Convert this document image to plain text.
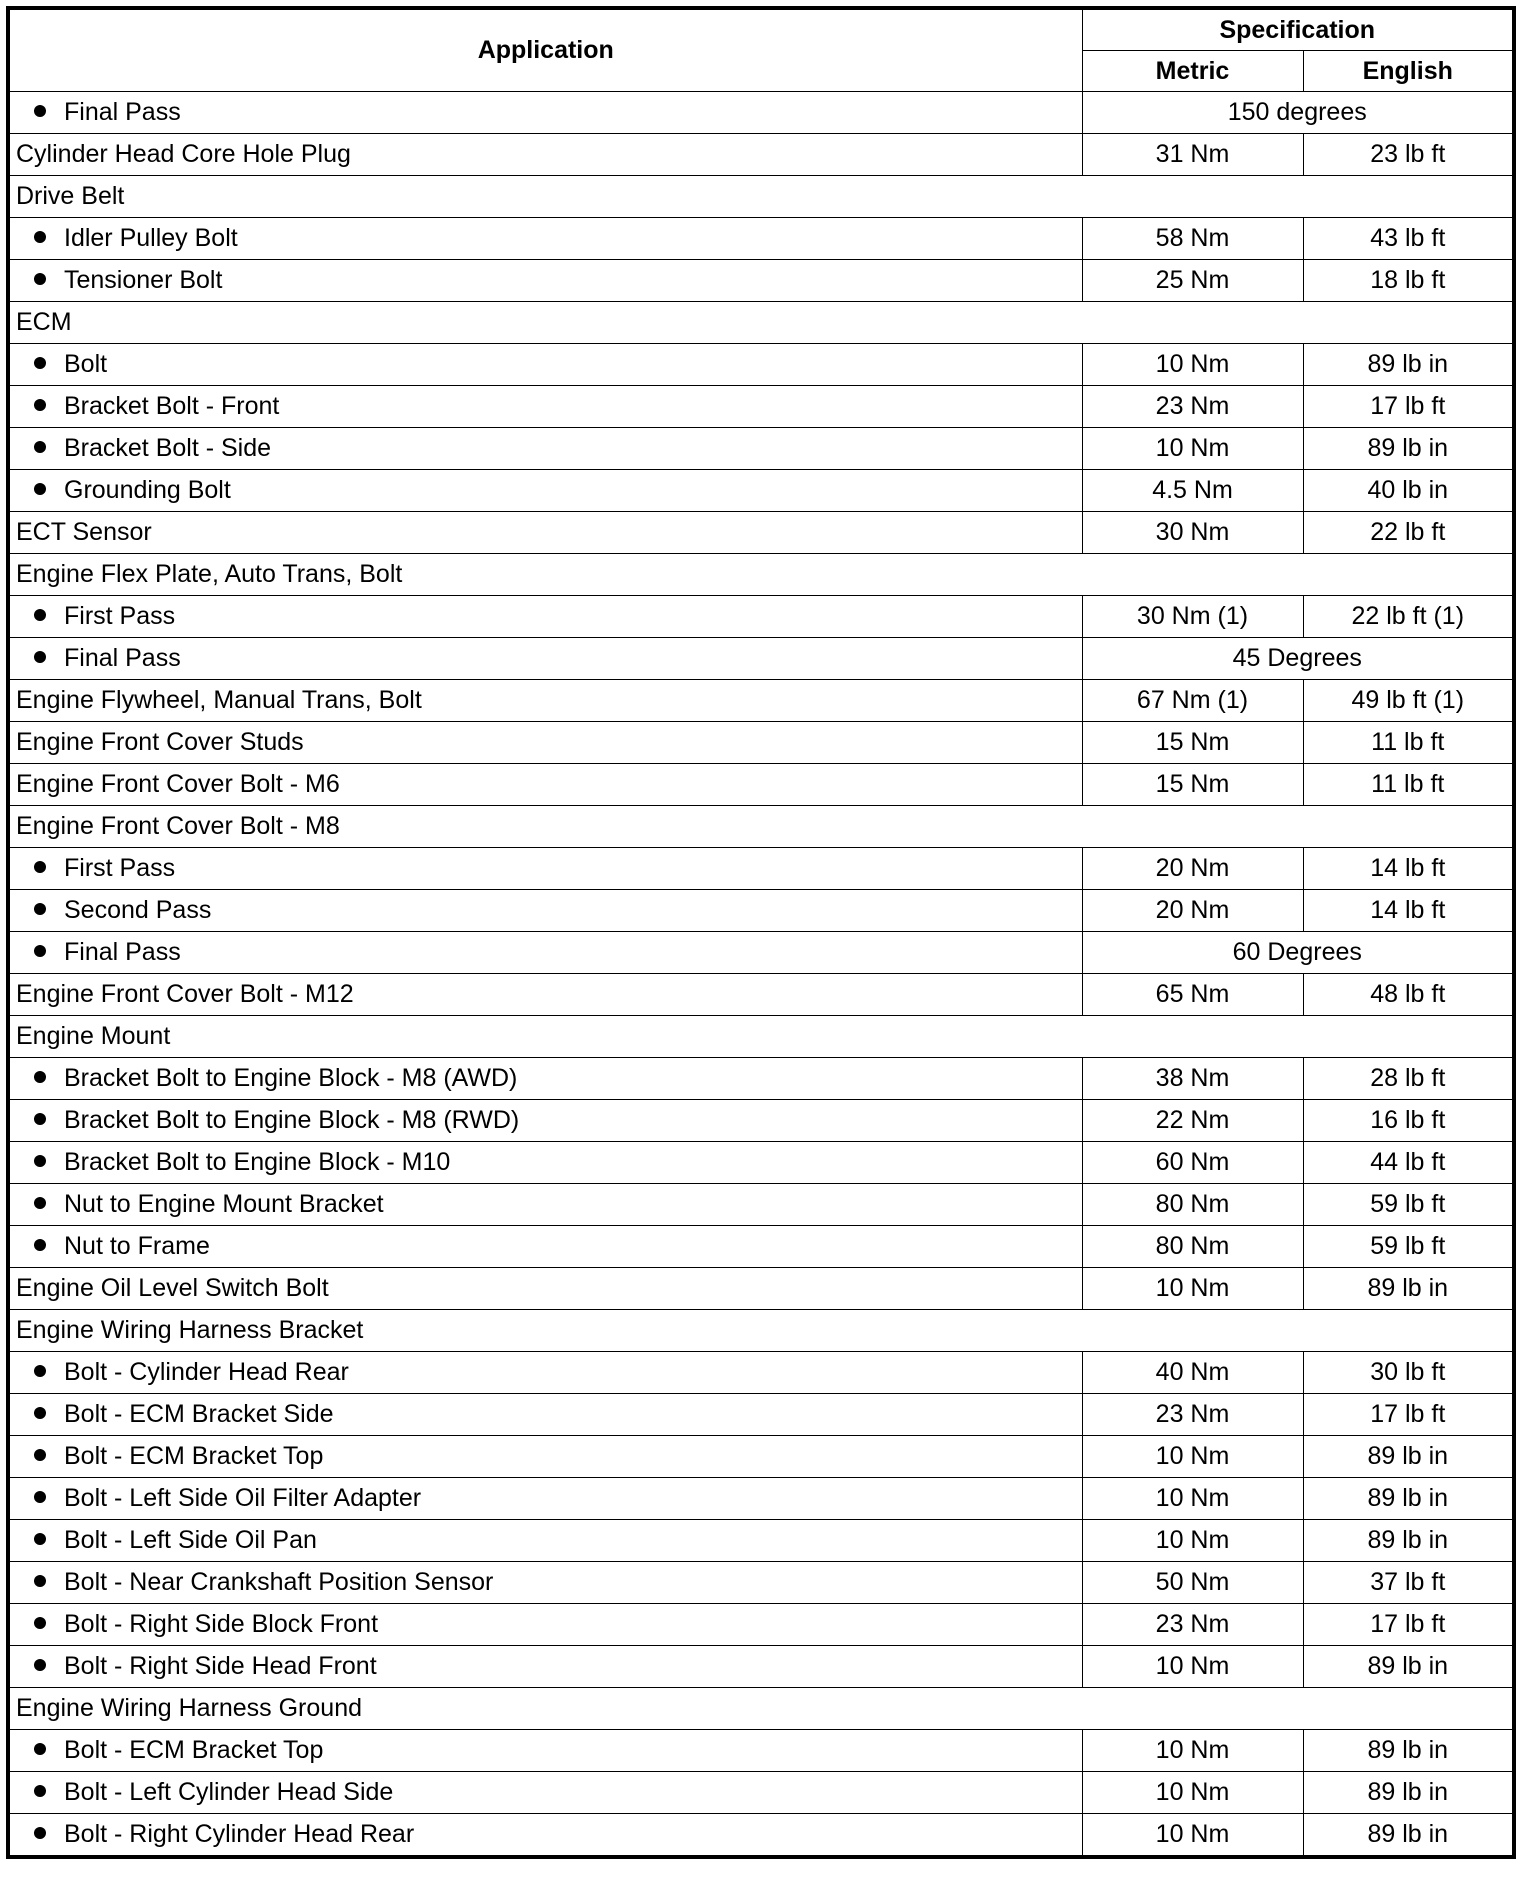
Application	Specification	
	Metric	English
Final Pass	150 degrees	
Cylinder Head Core Hole Plug	31 Nm	23 lb ft
Drive Belt		
Idler Pulley Bolt	58 Nm	43 lb ft
Tensioner Bolt	25 Nm	18 lb ft
ECM		
Bolt	10 Nm	89 lb in
Bracket Bolt - Front	23 Nm	17 lb ft
Bracket Bolt - Side	10 Nm	89 lb in
Grounding Bolt	4.5 Nm	40 lb in
ECT Sensor	30 Nm	22 lb ft
Engine Flex Plate, Auto Trans, Bolt		
First Pass	30 Nm (1)	22 lb ft (1)
Final Pass	45 Degrees	
Engine Flywheel, Manual Trans, Bolt	67 Nm (1)	49 lb ft (1)
Engine Front Cover Studs	15 Nm	11 lb ft
Engine Front Cover Bolt - M6	15 Nm	11 lb ft
Engine Front Cover Bolt - M8		
First Pass	20 Nm	14 lb ft
Second Pass	20 Nm	14 lb ft
Final Pass	60 Degrees	
Engine Front Cover Bolt - M12	65 Nm	48 lb ft
Engine Mount		
Bracket Bolt to Engine Block - M8 (AWD)	38 Nm	28 lb ft
Bracket Bolt to Engine Block - M8 (RWD)	22 Nm	16 lb ft
Bracket Bolt to Engine Block - M10	60 Nm	44 lb ft
Nut to Engine Mount Bracket	80 Nm	59 lb ft
Nut to Frame	80 Nm	59 lb ft
Engine Oil Level Switch Bolt	10 Nm	89 lb in
Engine Wiring Harness Bracket		
Bolt - Cylinder Head Rear	40 Nm	30 lb ft
Bolt - ECM Bracket Side	23 Nm	17 lb ft
Bolt - ECM Bracket Top	10 Nm	89 lb in
Bolt - Left Side Oil Filter Adapter	10 Nm	89 lb in
Bolt - Left Side Oil Pan	10 Nm	89 lb in
Bolt - Near Crankshaft Position Sensor	50 Nm	37 lb ft
Bolt - Right Side Block Front	23 Nm	17 lb ft
Bolt - Right Side Head Front	10 Nm	89 lb in
Engine Wiring Harness Ground		
Bolt - ECM Bracket Top	10 Nm	89 lb in
Bolt - Left Cylinder Head Side	10 Nm	89 lb in
Bolt - Right Cylinder Head Rear	10 Nm	89 lb in
